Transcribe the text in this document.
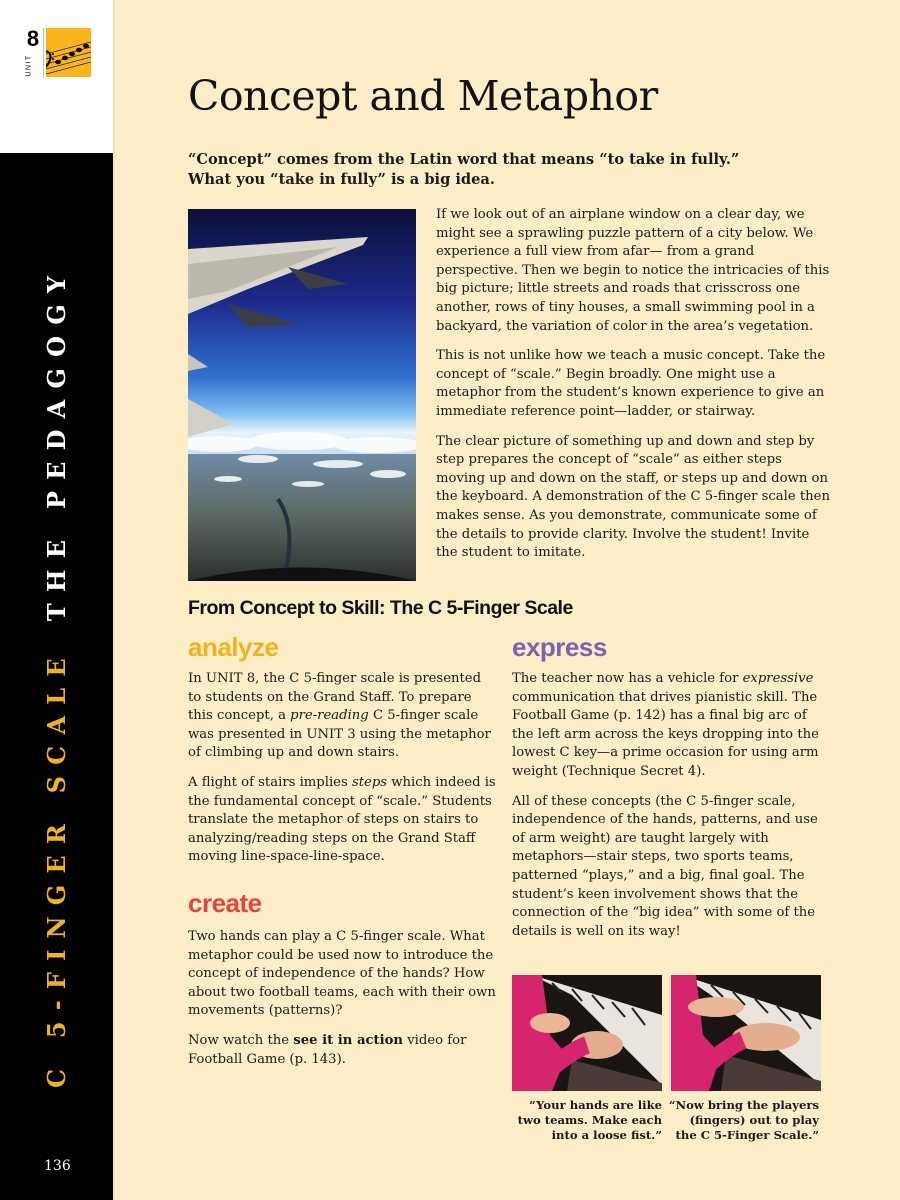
8
UNIT
C 5-FINGER SCALETHE PEDAGOGY
136
Concept and Metaphor
“Concept” comes from the Latin word that means “to take in fully.”
What you “take in fully” is a big idea.

If we look out of an airplane window on a clear day, we might see a sprawling puzzle pattern of a city below. We experience a full view from afar— from a grand perspective. Then we begin to notice the intricacies of this big picture; little streets and roads that crisscross one another, rows of tiny houses, a small swimming pool in a backyard, the variation of color in the area’s vegetation.

This is not unlike how we teach a music concept. Take the concept of “scale.” Begin broadly. One might use a metaphor from the student’s known experience to give an immediate reference point—ladder, or stairway.

The clear picture of something up and down and step by step prepares the concept of “scale” as either steps moving up and down on the staff, or steps up and down on the keyboard. A demonstration of the C 5-finger scale then makes sense. As you demonstrate, communicate some of the details to provide clarity. Involve the student! Invite the student to imitate.

From Concept to Skill: The C 5-Finger Scale
analyze

In UNIT 8, the C 5-finger scale is presented to students on the Grand Staff. To prepare this concept, a pre-reading C 5-finger scale was presented in UNIT 3 using the metaphor of climbing up and down stairs.

A flight of stairs implies steps which indeed is the fundamental concept of “scale.” Students translate the metaphor of steps on stairs to analyzing/reading steps on the Grand Staff moving line-space-line-space.

create

Two hands can play a C 5-finger scale. What metaphor could be used now to introduce the concept of independence of the hands? How about two football teams, each with their own movements (patterns)?

Now watch the see it in action video for Football Game (p. 143).

express

The teacher now has a vehicle for expressive communication that drives pianistic skill. The Football Game (p. 142) has a final big arc of the left arm across the keys dropping into the lowest C key—a prime occasion for using arm weight (Technique Secret 4).

All of these concepts (the C 5-finger scale, independence of the hands, patterns, and use of arm weight) are taught largely with metaphors—stair steps, two sports teams, patterned “plays,” and a big, final goal. The student’s keen involvement shows that the connection of the “big idea” with some of the details is well on its way!

“Your hands are like two teams. Make each into a loose fist.”

“Now bring the players (fingers) out to play the C 5-Finger Scale.”
